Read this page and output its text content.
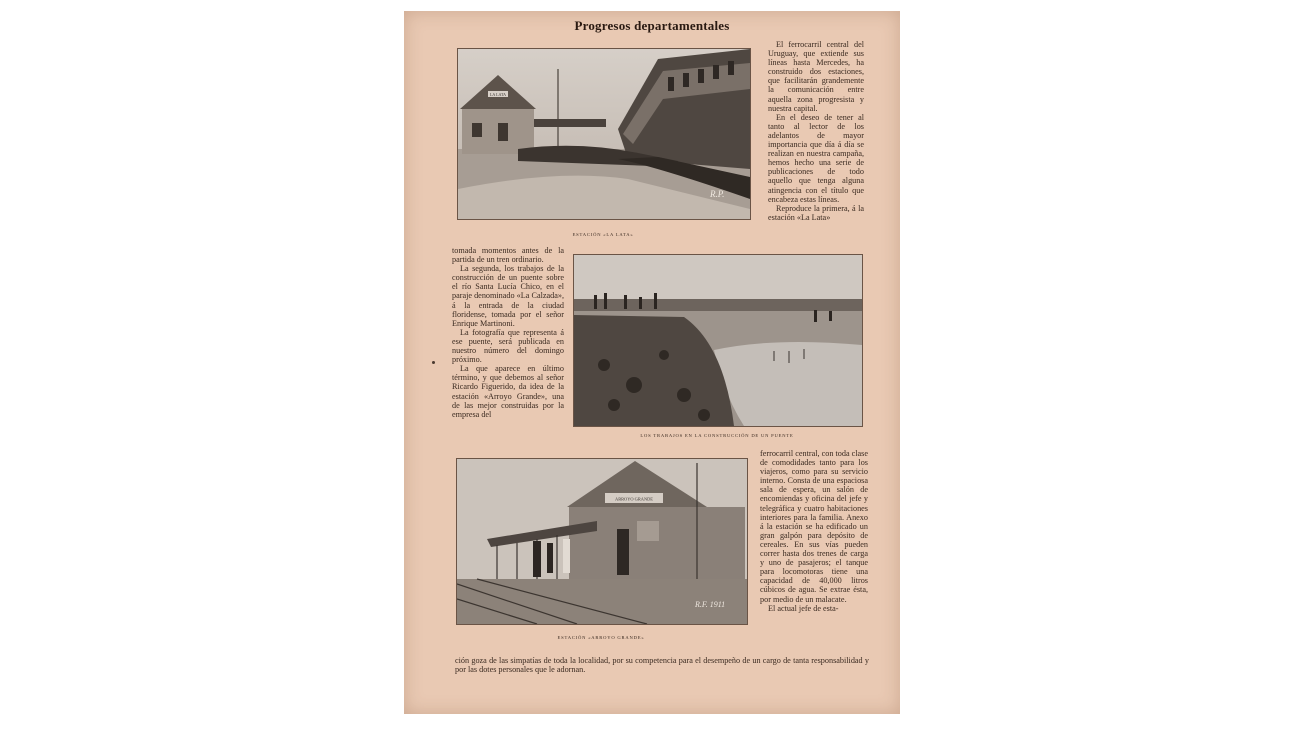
Progresos departamentales
LA LATA
R.P.
ESTACIÓN «LA LATA»

El ferrocarril central del Uruguay, que extiende sus líneas hasta Mercedes, ha construido dos estaciones, que facilitarán grandemente la comunicación entre aquella zona progresista y nuestra capital.

En el deseo de tener al tanto al lector de los adelantos de mayor importancia que día á día se realizan en nuestra campaña, hemos hecho una serie de publicaciones de todo aquello que tenga alguna atingencia con el título que encabeza estas líneas.

Reproduce la primera, á la estación «La Lata»

tomada momentos antes de la partida de un tren ordinario.

La segunda, los trabajos de la construcción de un puente sobre el río Santa Lucía Chico, en el paraje denominado «La Calzada», á la entrada de la ciudad floridense, tomada por el señor Enrique Martinoni.

La fotografía que representa á ese puente, será publicada en nuestro número del domingo próximo.

La que aparece en último término, y que debemos al señor Ricardo Figuerido, da idea de la estación «Arroyo Grande», una de las mejor construidas por la empresa del

LOS TRABAJOS EN LA CONSTRUCCIÓN DE UN PUENTE
ARROYO GRANDE
R.F. 1911
ESTACIÓN «ARROYO GRANDE»

ferrocarril central, con toda clase de comodidades tanto para los viajeros, como para su servicio interno. Consta de una espaciosa sala de espera, un salón de encomiendas y oficina del jefe y telegráfica y cuatro habitaciones interiores para la familia. Anexo á la estación se ha edificado un gran galpón para depósito de cereales. En sus vías pueden correr hasta dos trenes de carga y uno de pasajeros; el tanque para locomotoras tiene una capacidad de 40,000 litros cúbicos de agua. Se extrae ésta, por medio de un malacate.

El actual jefe de esta-

ción goza de las simpatías de toda la localidad, por su competencia para el desempeño de un cargo de tanta responsabilidad y por las dotes personales que le adornan.
